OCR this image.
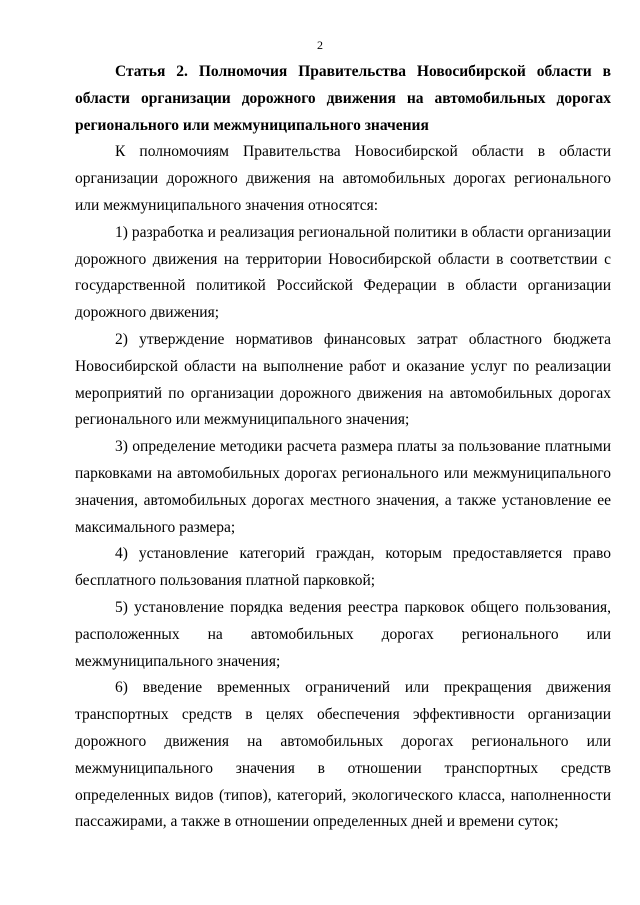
2

Статья 2. Полномочия Правительства Новосибирской области в области организации дорожного движения на автомобильных дорогах регионального или межмуниципального значения

К полномочиям Правительства Новосибирской области в области организации дорожного движения на автомобильных дорогах регионального или межмуниципального значения относятся:

1) разработка и реализация региональной политики в области организации дорожного движения на территории Новосибирской области в соответствии с государственной политикой Российской Федерации в области организации дорожного движения;

2) утверждение нормативов финансовых затрат областного бюджета Новосибирской области на выполнение работ и оказание услуг по реализации мероприятий по организации дорожного движения на автомобильных дорогах регионального или межмуниципального значения;

3) определение методики расчета размера платы за пользование платными парковками на автомобильных дорогах регионального или межмуниципального значения, автомобильных дорогах местного значения, а также установление ее максимального размера;

4) установление категорий граждан, которым предоставляется право бесплатного пользования платной парковкой;

5) установление порядка ведения реестра парковок общего пользования, расположенных на автомобильных дорогах регионального или межмуниципального значения;

6) введение временных ограничений или прекращения движения транспортных средств в целях обеспечения эффективности организации дорожного движения на автомобильных дорогах регионального или межмуниципального значения в отношении транспортных средств определенных видов (типов), категорий, экологического класса, наполненности пассажирами, а также в отношении определенных дней и времени суток;
